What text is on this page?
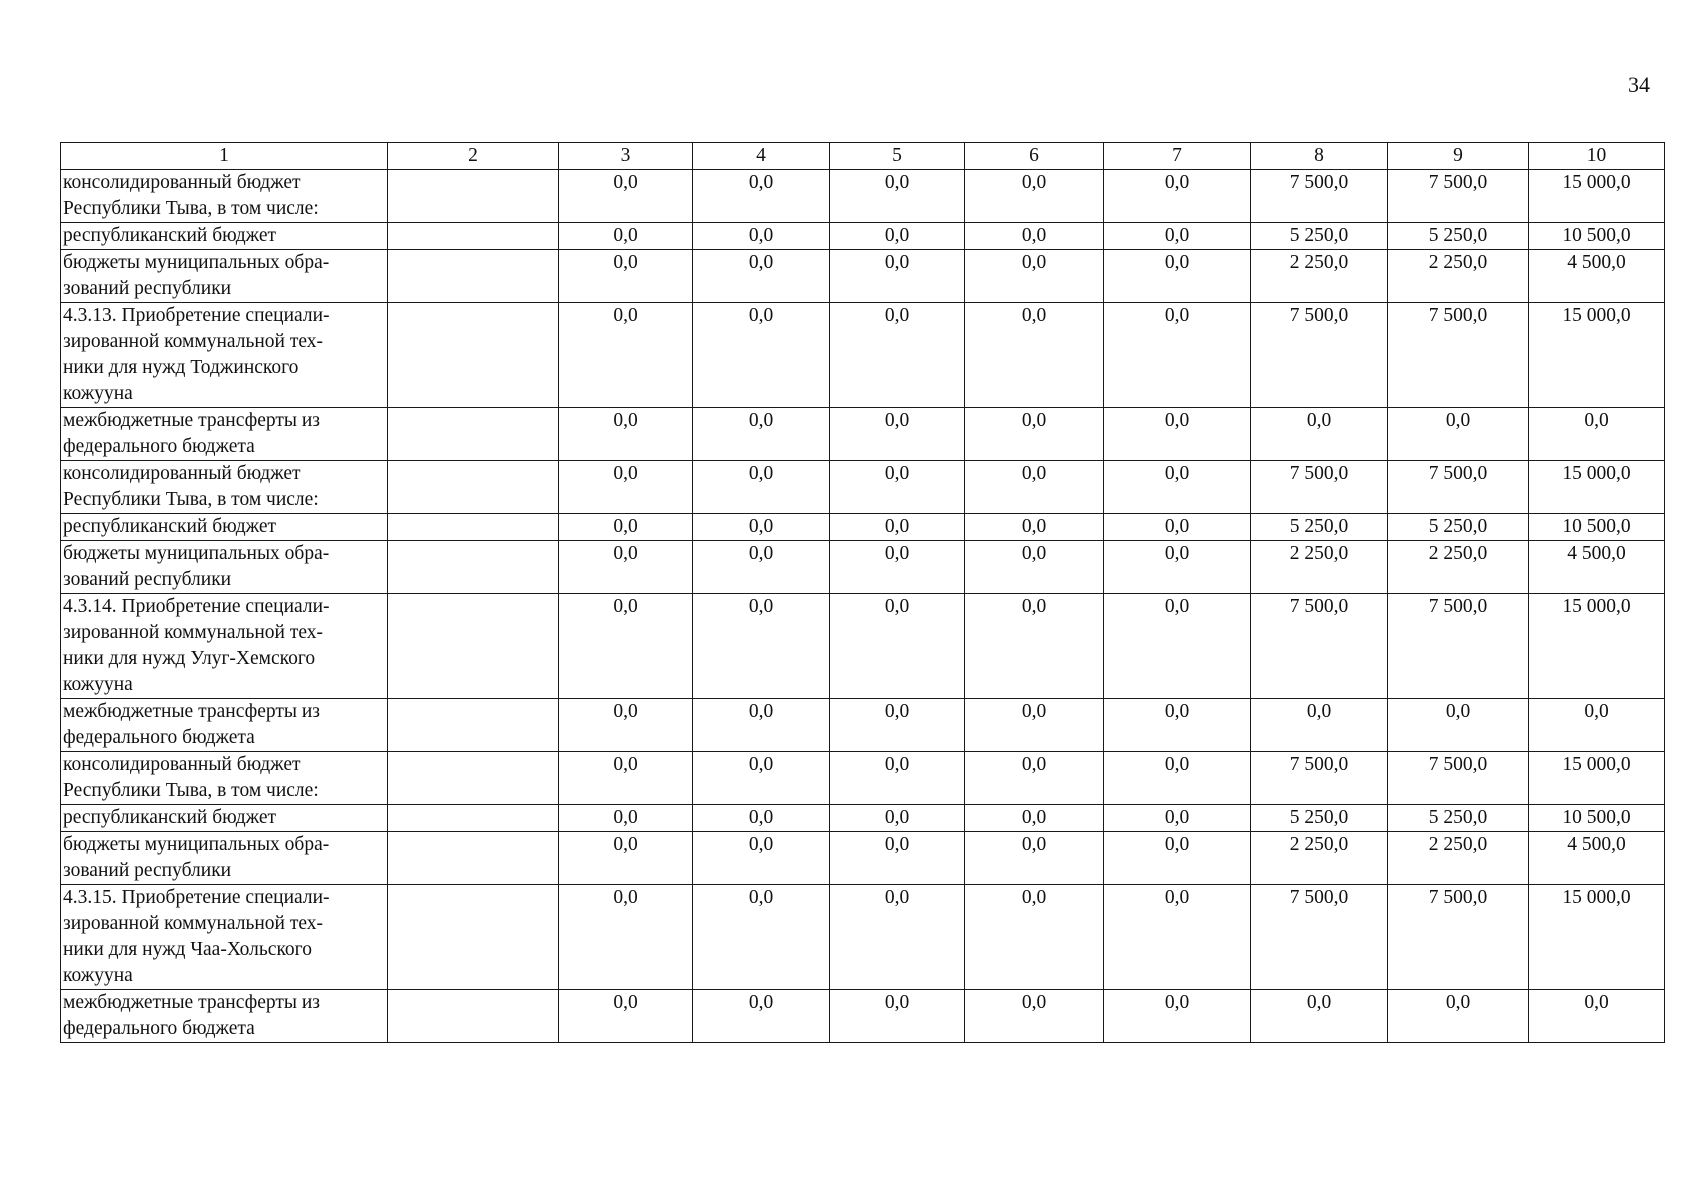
34
1	2	3	4	5	6	7	8	9	10
консолидированный бюджет
Республики Тыва, в том числе:		0,0	0,0	0,0	0,0	0,0	7 500,0	7 500,0	15 000,0
республиканский бюджет		0,0	0,0	0,0	0,0	0,0	5 250,0	5 250,0	10 500,0
бюджеты муниципальных обра-
зований республики		0,0	0,0	0,0	0,0	0,0	2 250,0	2 250,0	4 500,0
4.3.13. Приобретение специали-
зированной коммунальной тех-
ники для нужд Тоджинского
кожууна		0,0	0,0	0,0	0,0	0,0	7 500,0	7 500,0	15 000,0
межбюджетные трансферты из
федерального бюджета		0,0	0,0	0,0	0,0	0,0	0,0	0,0	0,0
консолидированный бюджет
Республики Тыва, в том числе:		0,0	0,0	0,0	0,0	0,0	7 500,0	7 500,0	15 000,0
республиканский бюджет		0,0	0,0	0,0	0,0	0,0	5 250,0	5 250,0	10 500,0
бюджеты муниципальных обра-
зований республики		0,0	0,0	0,0	0,0	0,0	2 250,0	2 250,0	4 500,0
4.3.14. Приобретение специали-
зированной коммунальной тех-
ники для нужд Улуг-Хемского
кожууна		0,0	0,0	0,0	0,0	0,0	7 500,0	7 500,0	15 000,0
межбюджетные трансферты из
федерального бюджета		0,0	0,0	0,0	0,0	0,0	0,0	0,0	0,0
консолидированный бюджет
Республики Тыва, в том числе:		0,0	0,0	0,0	0,0	0,0	7 500,0	7 500,0	15 000,0
республиканский бюджет		0,0	0,0	0,0	0,0	0,0	5 250,0	5 250,0	10 500,0
бюджеты муниципальных обра-
зований республики		0,0	0,0	0,0	0,0	0,0	2 250,0	2 250,0	4 500,0
4.3.15. Приобретение специали-
зированной коммунальной тех-
ники для нужд Чаа-Хольского
кожууна		0,0	0,0	0,0	0,0	0,0	7 500,0	7 500,0	15 000,0
межбюджетные трансферты из
федерального бюджета		0,0	0,0	0,0	0,0	0,0	0,0	0,0	0,0
